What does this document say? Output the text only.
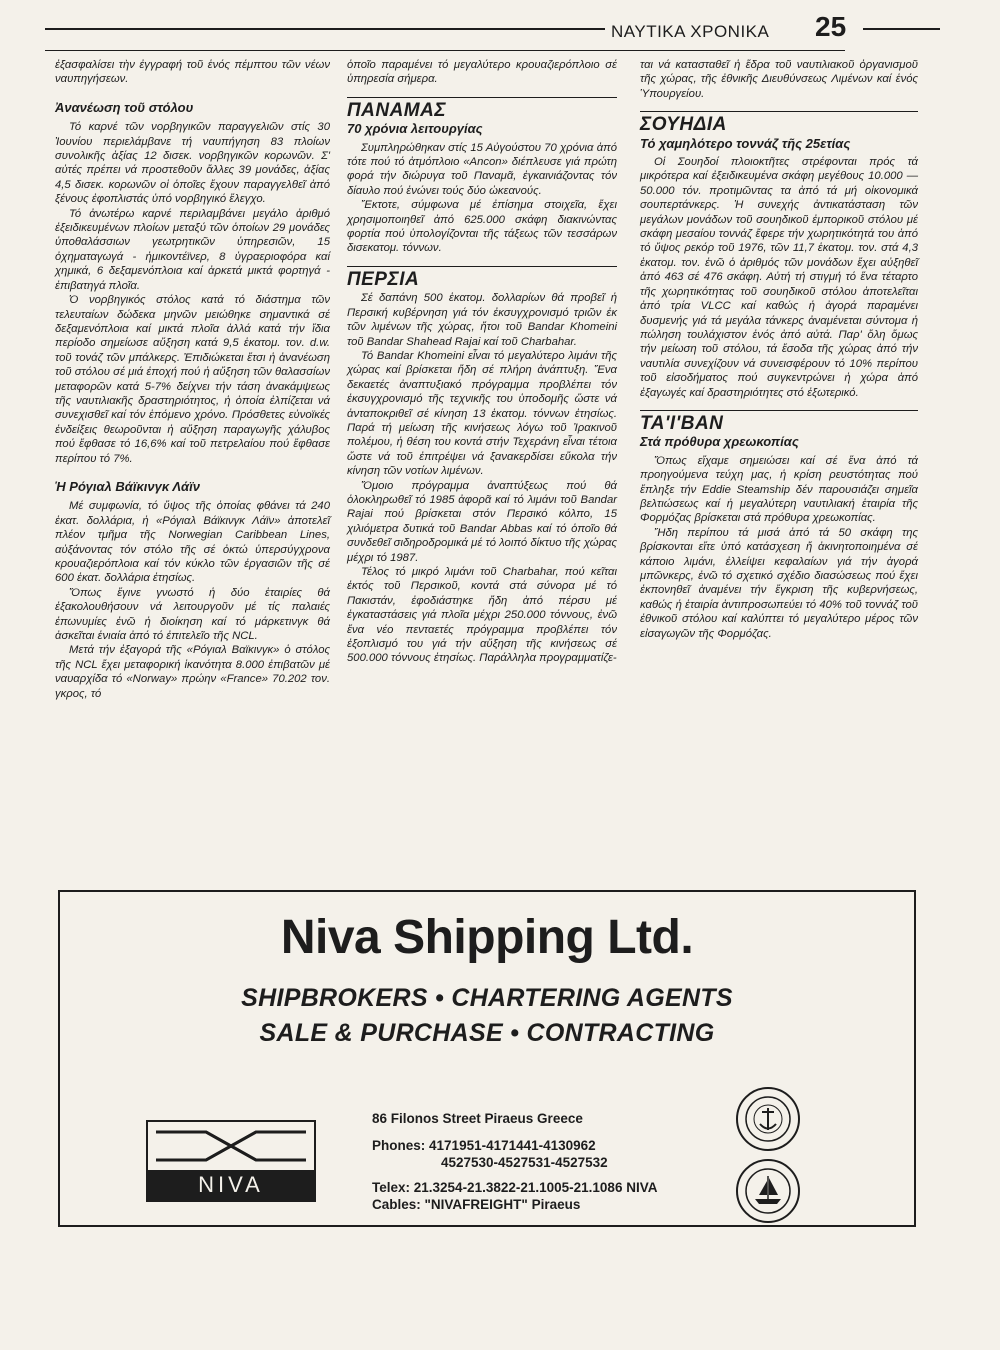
ΝΑΥΤΙΚΑ ΧΡΟΝΙΚΑ 25

ἐξασφαλίσει τὴν ἐγγραφή τοῦ ἑνός πέμπτου τῶν νέων ναυπηγήσεων.

Ἀνανέωση τοῦ στόλου

Τό καρνέ τῶν νορβηγικῶν παραγγελιῶν στίς 30 Ἰουνίου περιελάμβανε τή ναυπήγηση 83 πλοίων συνολικῆς ἀξίας 12 δισεκ. νορβηγικῶν κορωνῶν. Σ' αὐτές πρέπει νά προστεθοῦν ἄλλες 39 μονάδες, ἀξίας 4,5 δισεκ. κορωνῶν οἱ ὁποῖες ἔχουν παραγγελθεῖ ἀπό ξένους ἐφοπλιστάς ὑπό νορβηγικό ἔλεγχο.

Τό ἀνωτέρω καρνέ περιλαμβάνει μεγάλο ἀριθμό ἐξειδικευμένων πλοίων μεταξύ τῶν ὁποίων 29 μονάδες ὑποθαλάσσιων γεωτρητικῶν ὑπηρεσιῶν, 15 ὀχηματαγωγά - ἡμικοντέϊνερ, 8 ὑγραεριοφόρα καί χημικά, 6 δεξαμενόπλοια καί ἀρκετά μικτά φορτηγά - ἐπιβατηγά πλοῖα.

Ὁ νορβηγικός στόλος κατά τό διάστημα τῶν τελευταίων δώδεκα μηνῶν μειώθηκε σημαντικά σέ δεξαμενόπλοια καί μικτά πλοῖα ἀλλά κατά τήν ἴδια περίοδο σημείωσε αὔξηση κατά 9,5 ἑκατομ. τον. d.w. τοῦ τονάζ τῶν μπάλκερς. Ἐπιδιώκεται ἔτσι ἡ ἀνανέωση τοῦ στόλου σέ μιά ἐποχή πού ἡ αὔξηση τῶν θαλασσίων μεταφορῶν κατά 5-7% δείχνει τήν τάση ἀνακάμψεως τῆς ναυτιλιακῆς δραστηριότητος, ἡ ὁποία ἐλπίζεται νά συνεχισθεῖ καί τόν ἑπόμενο χρόνο. Πρόσθετες εὐνοϊκές ἐνδείξεις θεωροῦνται ἡ αὔξηση παραγωγῆς χάλυβος πού ἔφθασε τό 16,6% καί τοῦ πετρελαίου πού ἔφθασε περίπου τό 7%.

Ἡ Ρόγιαλ Βάϊκινγκ Λάϊν

Μέ συμφωνία, τό ὕψος τῆς ὁποίας φθάνει τά 240 ἑκατ. δολλάρια, ἡ «Ρόγιαλ Βάϊκινγκ Λάϊν» ἀποτελεῖ πλέον τμῆμα τῆς Norwegian Caribbean Lines, αὐξάνοντας τόν στόλο τῆς σέ ὀκτώ ὑπερσύγχρονα κρουαζιερόπλοια καί τόν κύκλο τῶν ἐργασιῶν τῆς σέ 600 ἑκατ. δολλάρια ἐτησίως.

Ὅπως ἔγινε γνωστό ἡ δύο ἑταιρίες θά ἐξακολουθήσουν νά λειτουργοῦν μέ τίς παλαιές ἐπωνυμίες ἐνῶ ἡ διοίκηση καί τό μάρκετινγκ θά ἀσκεῖται ἑνιαία ἀπό τό ἐπιτελεῖο τῆς NCL.

Μετά τήν ἐξαγορά τῆς «Ρόγιαλ Βαϊκινγκ» ὁ στόλος τῆς NCL ἔχει μεταφορική ἱκανότητα 8.000 ἐπιβατῶν μέ ναυαρχίδα τό «Norway» πρώην «France» 70.202 τον. γκρος, τό

ὁποῖο παραμένει τό μεγαλύτερο κρουαζιερόπλοιο σέ ὑπηρεσία σήμερα.

ΠΑΝΑΜΑΣ
70 χρόνια λειτουργίας

Συμπληρώθηκαν στίς 15 Αὐγούστου 70 χρόνια ἀπό τότε πού τό ἀτμόπλοιο «Ancon» διέπλευσε γιά πρώτη φορά τήν διώρυγα τοῦ Παναμᾶ, ἐγκαινιάζοντας τόν δίαυλο πού ἑνώνει τούς δύο ὠκεανούς.

Ἔκτοτε, σύμφωνα μέ ἐπίσημα στοιχεῖα, ἔχει χρησιμοποιηθεῖ ἀπό 625.000 σκάφη διακινώντας φορτία πού ὑπολογίζονται τῆς τάξεως τῶν τεσσάρων δισεκατομ. τόννων.

ΠΕΡΣΙΑ

Σέ δαπάνη 500 ἑκατομ. δολλαρίων θά προβεῖ ἡ Περσική κυβέρνηση γιά τόν ἐκσυγχρονισμό τριῶν ἐκ τῶν λιμένων τῆς χώρας, ἤτοι τοῦ Bandar Khomeini τοῦ Bandar Shahead Rajai καί τοῦ Charbahar.

Τό Bandar Khomeini εἶναι τό μεγαλύτερο λιμάνι τῆς χώρας καί βρίσκεται ἤδη σέ πλήρη ἀνάπτυξη. Ἕνα δεκαετές ἀναπτυξιακό πρόγραμμα προβλέπει τόν ἐκσυγχρονισμό τῆς τεχνικῆς του ὑποδομῆς ὥστε νά ἀνταποκριθεῖ σέ κίνηση 13 ἑκατομ. τόννων ἐτησίως. Παρά τή μείωση τῆς κινήσεως λόγω τοῦ Ἰρακινοῦ πολέμου, ἡ θέση του κοντά στήν Τεχεράνη εἶναι τέτοια ὥστε νά τοῦ ἐπιτρέψει νά ξανακερδίσει εὔκολα τήν κίνηση τῶν νοτίων λιμένων.

Ὅμοιο πρόγραμμα ἀναπτύξεως πού θά ὁλοκληρωθεῖ τό 1985 ἀφορᾶ καί τό λιμάνι τοῦ Bandar Rajai πού βρίσκεται στόν Περσικό κόλπο, 15 χιλιόμετρα δυτικά τοῦ Bandar Abbas καί τό ὁποῖο θά συνδεθεῖ σιδηροδρομικά μέ τό λοιπό δίκτυο τῆς χώρας μέχρι τό 1987.

Τέλος τό μικρό λιμάνι τοῦ Charbahar, πού κεῖται ἐκτός τοῦ Περσικοῦ, κοντά στά σύνορα μέ τό Πακιστάν, ἐφοδιάστηκε ἤδη ἀπό πέρσυ μέ ἐγκαταστάσεις γιά πλοῖα μέχρι 250.000 τόννους, ἐνῶ ἕνα νέο πενταετές πρόγραμμα προβλέπει τόν ἐξοπλισμό του γιά τήν αὔξηση τῆς κινήσεως σέ 500.000 τόννους ἐτησίως. Παράλληλα προγραμματίζε-

ται νά κατασταθεῖ ἡ ἕδρα τοῦ ναυτιλιακοῦ ὀργανισμοῦ τῆς χώρας, τῆς ἐθνικῆς Διευθύνσεως Λιμένων καί ἑνός Ὑπουργείου.

ΣΟΥΗΔΙΑ
Τό χαμηλότερο τοννάζ τῆς 25ετίας

Οἱ Σουηδοί πλοιοκτῆτες στρέφονται πρός τά μικρότερα καί ἐξειδικευμένα σκάφη μεγέθους 10.000 — 50.000 τόν. προτιμῶντας τα ἀπό τά μή οἰκονομικά σουπερτάνκερς. Ἡ συνεχής ἀντικατάσταση τῶν μεγάλων μονάδων τοῦ σουηδικοῦ ἐμπορικοῦ στόλου μέ σκάφη μεσαίου τοννάζ ἔφερε τήν χωρητικότητά του ἀπό τό ὕψος ρεκόρ τοῦ 1976, τῶν 11,7 ἑκατομ. τον. στά 4,3 ἑκατομ. τον. ἐνῶ ὁ ἀριθμός τῶν μονάδων ἔχει αὐξηθεῖ ἀπό 463 σέ 476 σκάφη. Αὐτή τή στιγμή τό ἕνα τέταρτο τῆς χωρητικότητας τοῦ σουηδικοῦ στόλου ἀποτελεῖται ἀπό τρία VLCC καί καθώς ἡ ἀγορά παραμένει δυσμενής γιά τά μεγάλα τάνκερς ἀναμένεται σύντομα ἡ πώληση τουλάχιστον ἑνός ἀπό αὐτά. Παρ' ὅλη ὅμως τήν μείωση τοῦ στόλου, τά ἔσοδα τῆς χώρας ἀπό τήν ναυτιλία συνεχίζουν νά συνεισφέρουν τό 10% περίπου τοῦ εἰσοδήματος πού συγκεντρώνει ἡ χώρα ἀπό ἐξαγωγές καί δραστηριότητες στό ἐξωτερικό.

ΤΑ'Ι'ΒΑΝ
Στά πρόθυρα χρεωκοπίας

Ὅπως εἴχαμε σημειώσει καί σέ ἕνα ἀπό τά προηγούμενα τεύχη μας, ἡ κρίση ρευστότητας πού ἔπληξε τήν Eddie Steamship δέν παρουσιάζει σημεῖα βελτιώσεως καί ἡ μεγαλύτερη ναυτιλιακή ἑταιρία τῆς Φορμόζας βρίσκεται στά πρόθυρα χρεωκοπίας.

Ἤδη περίπου τά μισά ἀπό τά 50 σκάφη της βρίσκονται εἴτε ὑπό κατάσχεση ἤ ἀκινητοποιημένα σέ κάποιο λιμάνι, ἐλλείψει κεφαλαίων γιά τήν ἀγορά μπῶνκερς, ἐνῶ τό σχετικό σχέδιο διασώσεως πού ἔχει ἐκπονηθεῖ ἀναμένει τήν ἔγκριση τῆς κυβερνήσεως, καθώς ἡ ἑταιρία ἀντιπροσωπεύει τό 40% τοῦ τοννάζ τοῦ ἐθνικοῦ στόλου καί καλύπτει τό μεγαλύτερο μέρος τῶν εἰσαγωγῶν τῆς Φορμόζας.

Niva Shipping Ltd.
SHIPBROKERS • CHARTERING AGENTS
SALE & PURCHASE • CONTRACTING
NIVA
86 Filonos Street Piraeus Greece
Phones: 4171951-4171441-4130962
4527530-4527531-4527532
Telex: 21.3254-21.3822-21.1005-21.1086 NIVA
Cables: "NIVAFREIGHT" Piraeus
